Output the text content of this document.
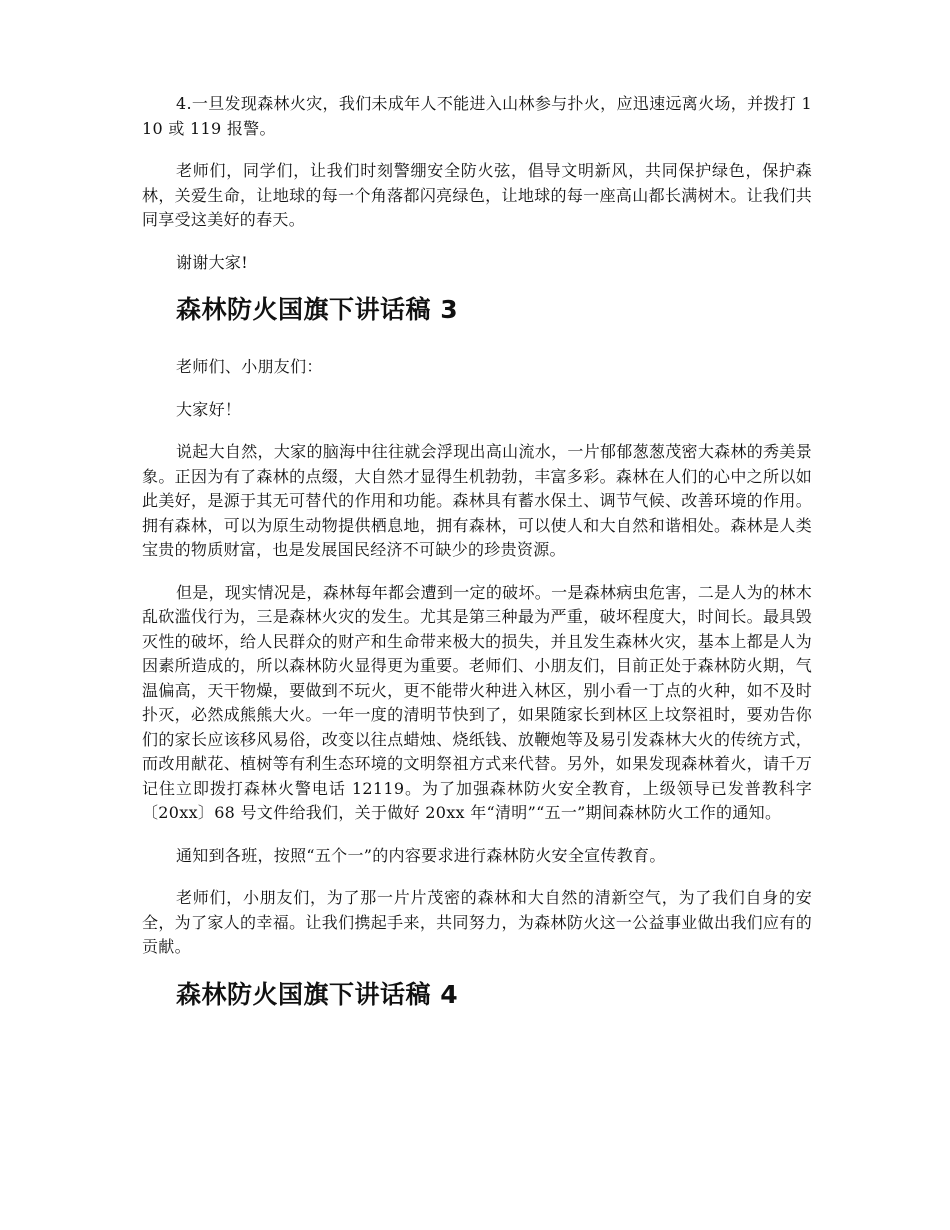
4.一旦发现森林火灾，我们未成年人不能进入山林参与扑火，应迅速远离火场，并拨打 110 或 119 报警。

老师们，同学们，让我们时刻警绷安全防火弦，倡导文明新风，共同保护绿色，保护森林，关爱生命，让地球的每一个角落都闪亮绿色，让地球的每一座高山都长满树木。让我们共同享受这美好的春天。

谢谢大家!

森林防火国旗下讲话稿 3

老师们、小朋友们：

大家好！

说起大自然，大家的脑海中往往就会浮现出高山流水，一片郁郁葱葱茂密大森林的秀美景象。正因为有了森林的点缀，大自然才显得生机勃勃，丰富多彩。森林在人们的心中之所以如此美好，是源于其无可替代的作用和功能。森林具有蓄水保土、调节气候、改善环境的作用。拥有森林，可以为原生动物提供栖息地，拥有森林，可以使人和大自然和谐相处。森林是人类宝贵的物质财富，也是发展国民经济不可缺少的珍贵资源。

但是，现实情况是，森林每年都会遭到一定的破坏。一是森林病虫危害，二是人为的林木乱砍滥伐行为，三是森林火灾的发生。尤其是第三种最为严重，破坏程度大，时间长。最具毁灭性的破坏，给人民群众的财产和生命带来极大的损失，并且发生森林火灾，基本上都是人为因素所造成的，所以森林防火显得更为重要。老师们、小朋友们，目前正处于森林防火期，气温偏高，天干物燥，要做到不玩火，更不能带火种进入林区，别小看一丁点的火种，如不及时扑灭，必然成熊熊大火。一年一度的清明节快到了，如果随家长到林区上坟祭祖时，要劝告你们的家长应该移风易俗，改变以往点蜡烛、烧纸钱、放鞭炮等及易引发森林大火的传统方式，而改用献花、植树等有利生态环境的文明祭祖方式来代替。另外，如果发现森林着火，请千万记住立即拨打森林火警电话 12119。为了加强森林防火安全教育，上级领导已发普教科字〔20xx〕68 号文件给我们，关于做好 20xx 年“清明”“五一”期间森林防火工作的通知。

通知到各班，按照“五个一”的内容要求进行森林防火安全宣传教育。

老师们，小朋友们，为了那一片片茂密的森林和大自然的清新空气，为了我们自身的安全，为了家人的幸福。让我们携起手来，共同努力，为森林防火这一公益事业做出我们应有的贡献。

森林防火国旗下讲话稿 4
